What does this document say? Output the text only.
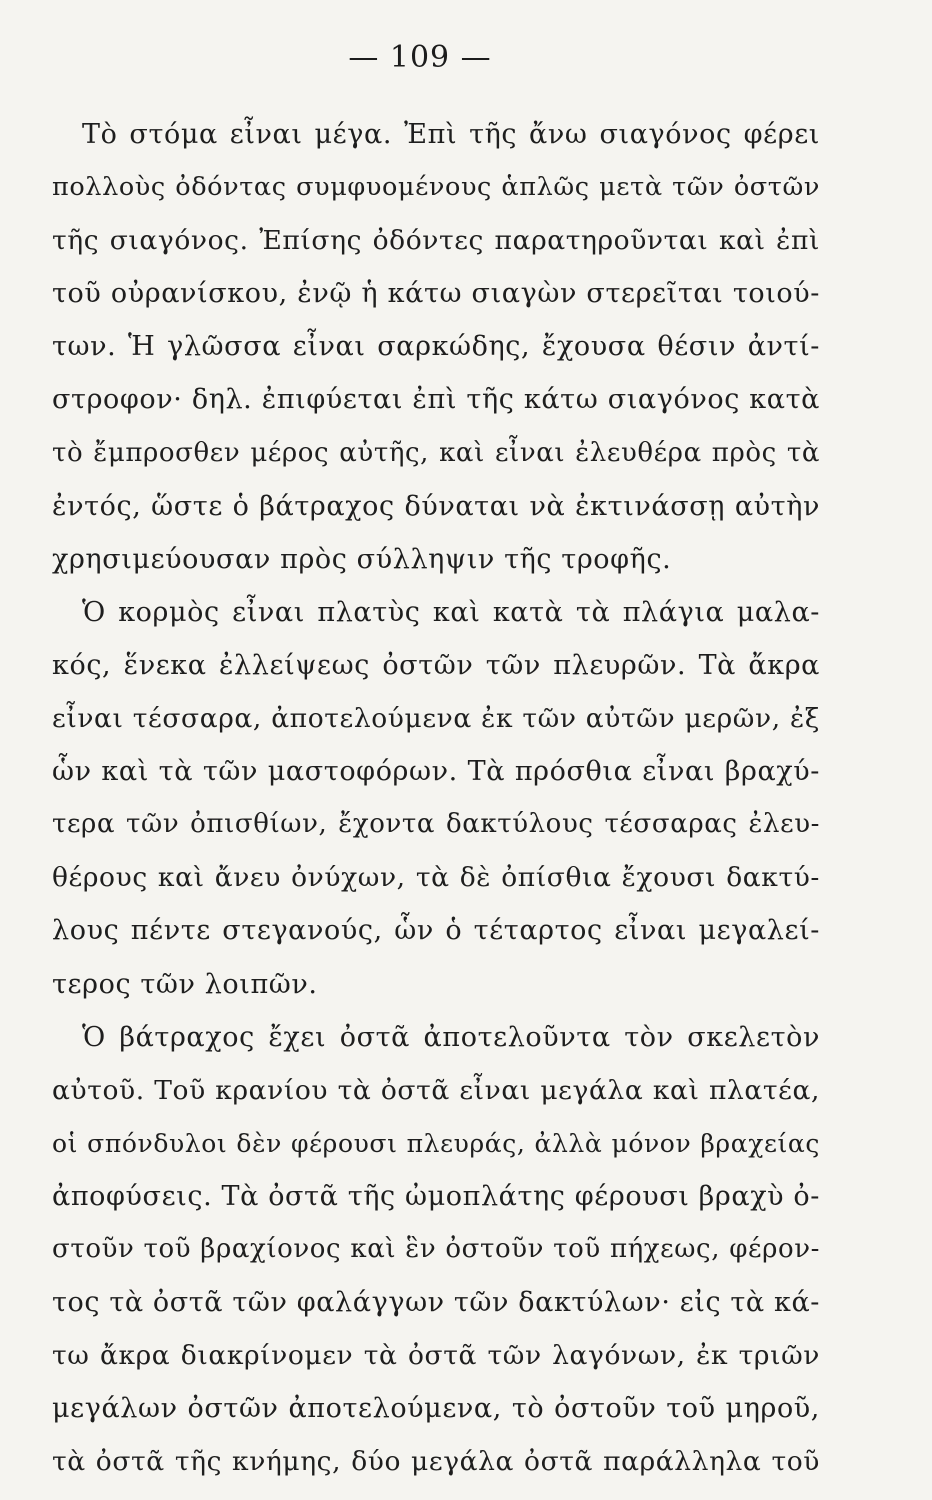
— 109 —
Τὸ στόμα εἶναι μέγα. Ἐπὶ τῆς ἄνω σιαγόνος φέρει
πολλοὺς ὀδόντας συμφυομένους ἁπλῶς μετὰ τῶν ὀστῶν
τῆς σιαγόνος. Ἐπίσης ὀδόντες παρατηροῦνται καὶ ἐπὶ
τοῦ οὐρανίσκου, ἐνῷ ἡ κάτω σιαγὼν στερεῖται τοιού-
των. Ἡ γλῶσσα εἶναι σαρκώδης, ἔχουσα θέσιν ἀντί-
στροφον· δηλ. ἐπιφύεται ἐπὶ τῆς κάτω σιαγόνος κατὰ
τὸ ἔμπροσθεν μέρος αὐτῆς, καὶ εἶναι ἐλευθέρα πρὸς τὰ
ἐντός, ὥστε ὁ βάτραχος δύναται νὰ ἐκτινάσσῃ αὐτὴν
χρησιμεύουσαν πρὸς σύλληψιν τῆς τροφῆς.
Ὁ κορμὸς εἶναι πλατὺς καὶ κατὰ τὰ πλάγια μαλα-
κός, ἕνεκα ἐλλείψεως ὀστῶν τῶν πλευρῶν. Τὰ ἄκρα
εἶναι τέσσαρα, ἀποτελούμενα ἐκ τῶν αὐτῶν μερῶν, ἐξ
ὧν καὶ τὰ τῶν μαστοφόρων. Τὰ πρόσθια εἶναι βραχύ-
τερα τῶν ὀπισθίων, ἔχοντα δακτύλους τέσσαρας ἐλευ-
θέρους καὶ ἄνευ ὀνύχων, τὰ δὲ ὀπίσθια ἔχουσι δακτύ-
λους πέντε στεγανούς, ὧν ὁ τέταρτος εἶναι μεγαλεί-
τερος τῶν λοιπῶν.
Ὁ βάτραχος ἔχει ὀστᾶ ἀποτελοῦντα τὸν σκελετὸν
αὐτοῦ. Τοῦ κρανίου τὰ ὀστᾶ εἶναι μεγάλα καὶ πλατέα,
οἱ σπόνδυλοι δὲν φέρουσι πλευράς, ἀλλὰ μόνον βραχείας
ἀποφύσεις. Τὰ ὀστᾶ τῆς ὠμοπλάτης φέρουσι βραχὺ ὀ-
στοῦν τοῦ βραχίονος καὶ ἓν ὀστοῦν τοῦ πήχεως, φέρον-
τος τὰ ὀστᾶ τῶν φαλάγγων τῶν δακτύλων· εἰς τὰ κά-
τω ἄκρα διακρίνομεν τὰ ὀστᾶ τῶν λαγόνων, ἐκ τριῶν
μεγάλων ὀστῶν ἀποτελούμενα, τὸ ὀστοῦν τοῦ μηροῦ,
τὰ ὀστᾶ τῆς κνήμης, δύο μεγάλα ὀστᾶ παράλληλα τοῦ
